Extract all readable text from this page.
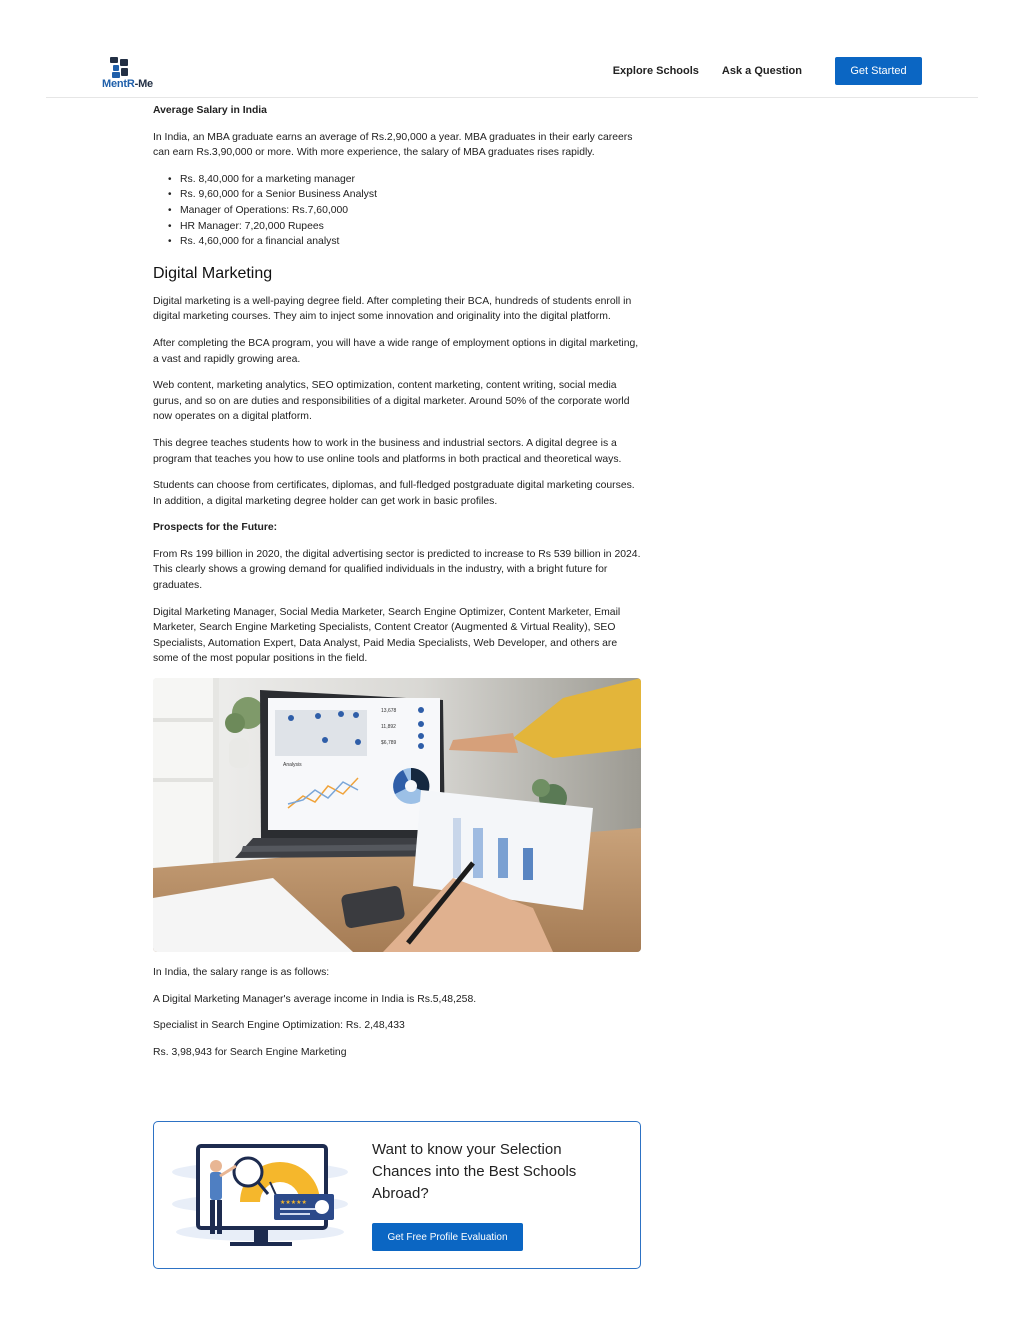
MentR-Me
Explore Schools Ask a Question	Get Started

Average Salary in India

In India, an MBA graduate earns an average of Rs.2,90,000 a year. MBA graduates in their early careers can earn Rs.3,90,000 or more. With more experience, the salary of MBA graduates rises rapidly.

• Rs. 8,40,000 for a marketing manager
• Rs. 9,60,000 for a Senior Business Analyst
• Manager of Operations: Rs.7,60,000
• HR Manager: 7,20,000 Rupees
• Rs. 4,60,000 for a financial analyst
Digital Marketing

Digital marketing is a well-paying degree field. After completing their BCA, hundreds of students enroll in digital marketing courses. They aim to inject some innovation and originality into the digital platform.

After completing the BCA program, you will have a wide range of employment options in digital marketing, a vast and rapidly growing area.

Web content, marketing analytics, SEO optimization, content marketing, content writing, social media gurus, and so on are duties and responsibilities of a digital marketer. Around 50% of the corporate world now operates on a digital platform.

This degree teaches students how to work in the business and industrial sectors. A digital degree is a program that teaches you how to use online tools and platforms in both practical and theoretical ways.

Students can choose from certificates, diplomas, and full-fledged postgraduate digital marketing courses. In addition, a digital marketing degree holder can get work in basic profiles.

Prospects for the Future:

From Rs 199 billion in 2020, the digital advertising sector is predicted to increase to Rs 539 billion in 2024. This clearly shows a growing demand for qualified individuals in the industry, with a bright future for graduates.

Digital Marketing Manager, Social Media Marketer, Search Engine Optimizer, Content Marketer, Email Marketer, Search Engine Marketing Specialists, Content Creator (Augmented & Virtual Reality), SEO Specialists, Automation Expert, Data Analyst, Paid Media Specialists, Web Developer, and others are some of the most popular positions in the field.

13,678
11,892
$6,789
Analysis

In India, the salary range is as follows:

A Digital Marketing Manager's average income in India is Rs.5,48,258.

Specialist in Search Engine Optimization: Rs. 2,48,433

Rs. 3,98,943 for Search Engine Marketing

★★★★★
Want to know your Selection Chances into the Best Schools Abroad?
Get Free Profile Evaluation
